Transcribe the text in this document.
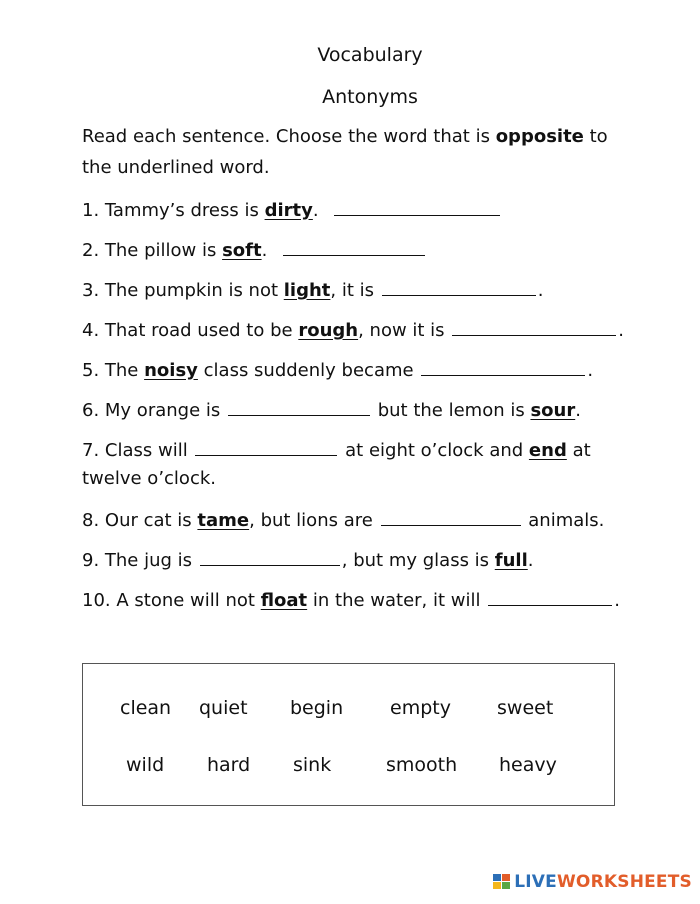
Vocabulary
Antonyms
Read each sentence. Choose the word that is opposite to
the underlined word.
1. Tammy’s dress is dirty.
2. The pillow is soft.
3. The pumpkin is not light, it is	.
4. That road used to be rough, now it is	.
5. The noisy class suddenly became	.
6. My orange is	but the lemon is sour.
7. Class will	at eight o’clock and end at
twelve o’clock.
8. Our cat is tame, but lions are	animals.
9. The jug is	, but my glass is full.
10. A stone will not float in the water, it will	.
clean quiet begin empty sweet
wild hard sink	smooth heavy
LIVE WORKSHEETS
